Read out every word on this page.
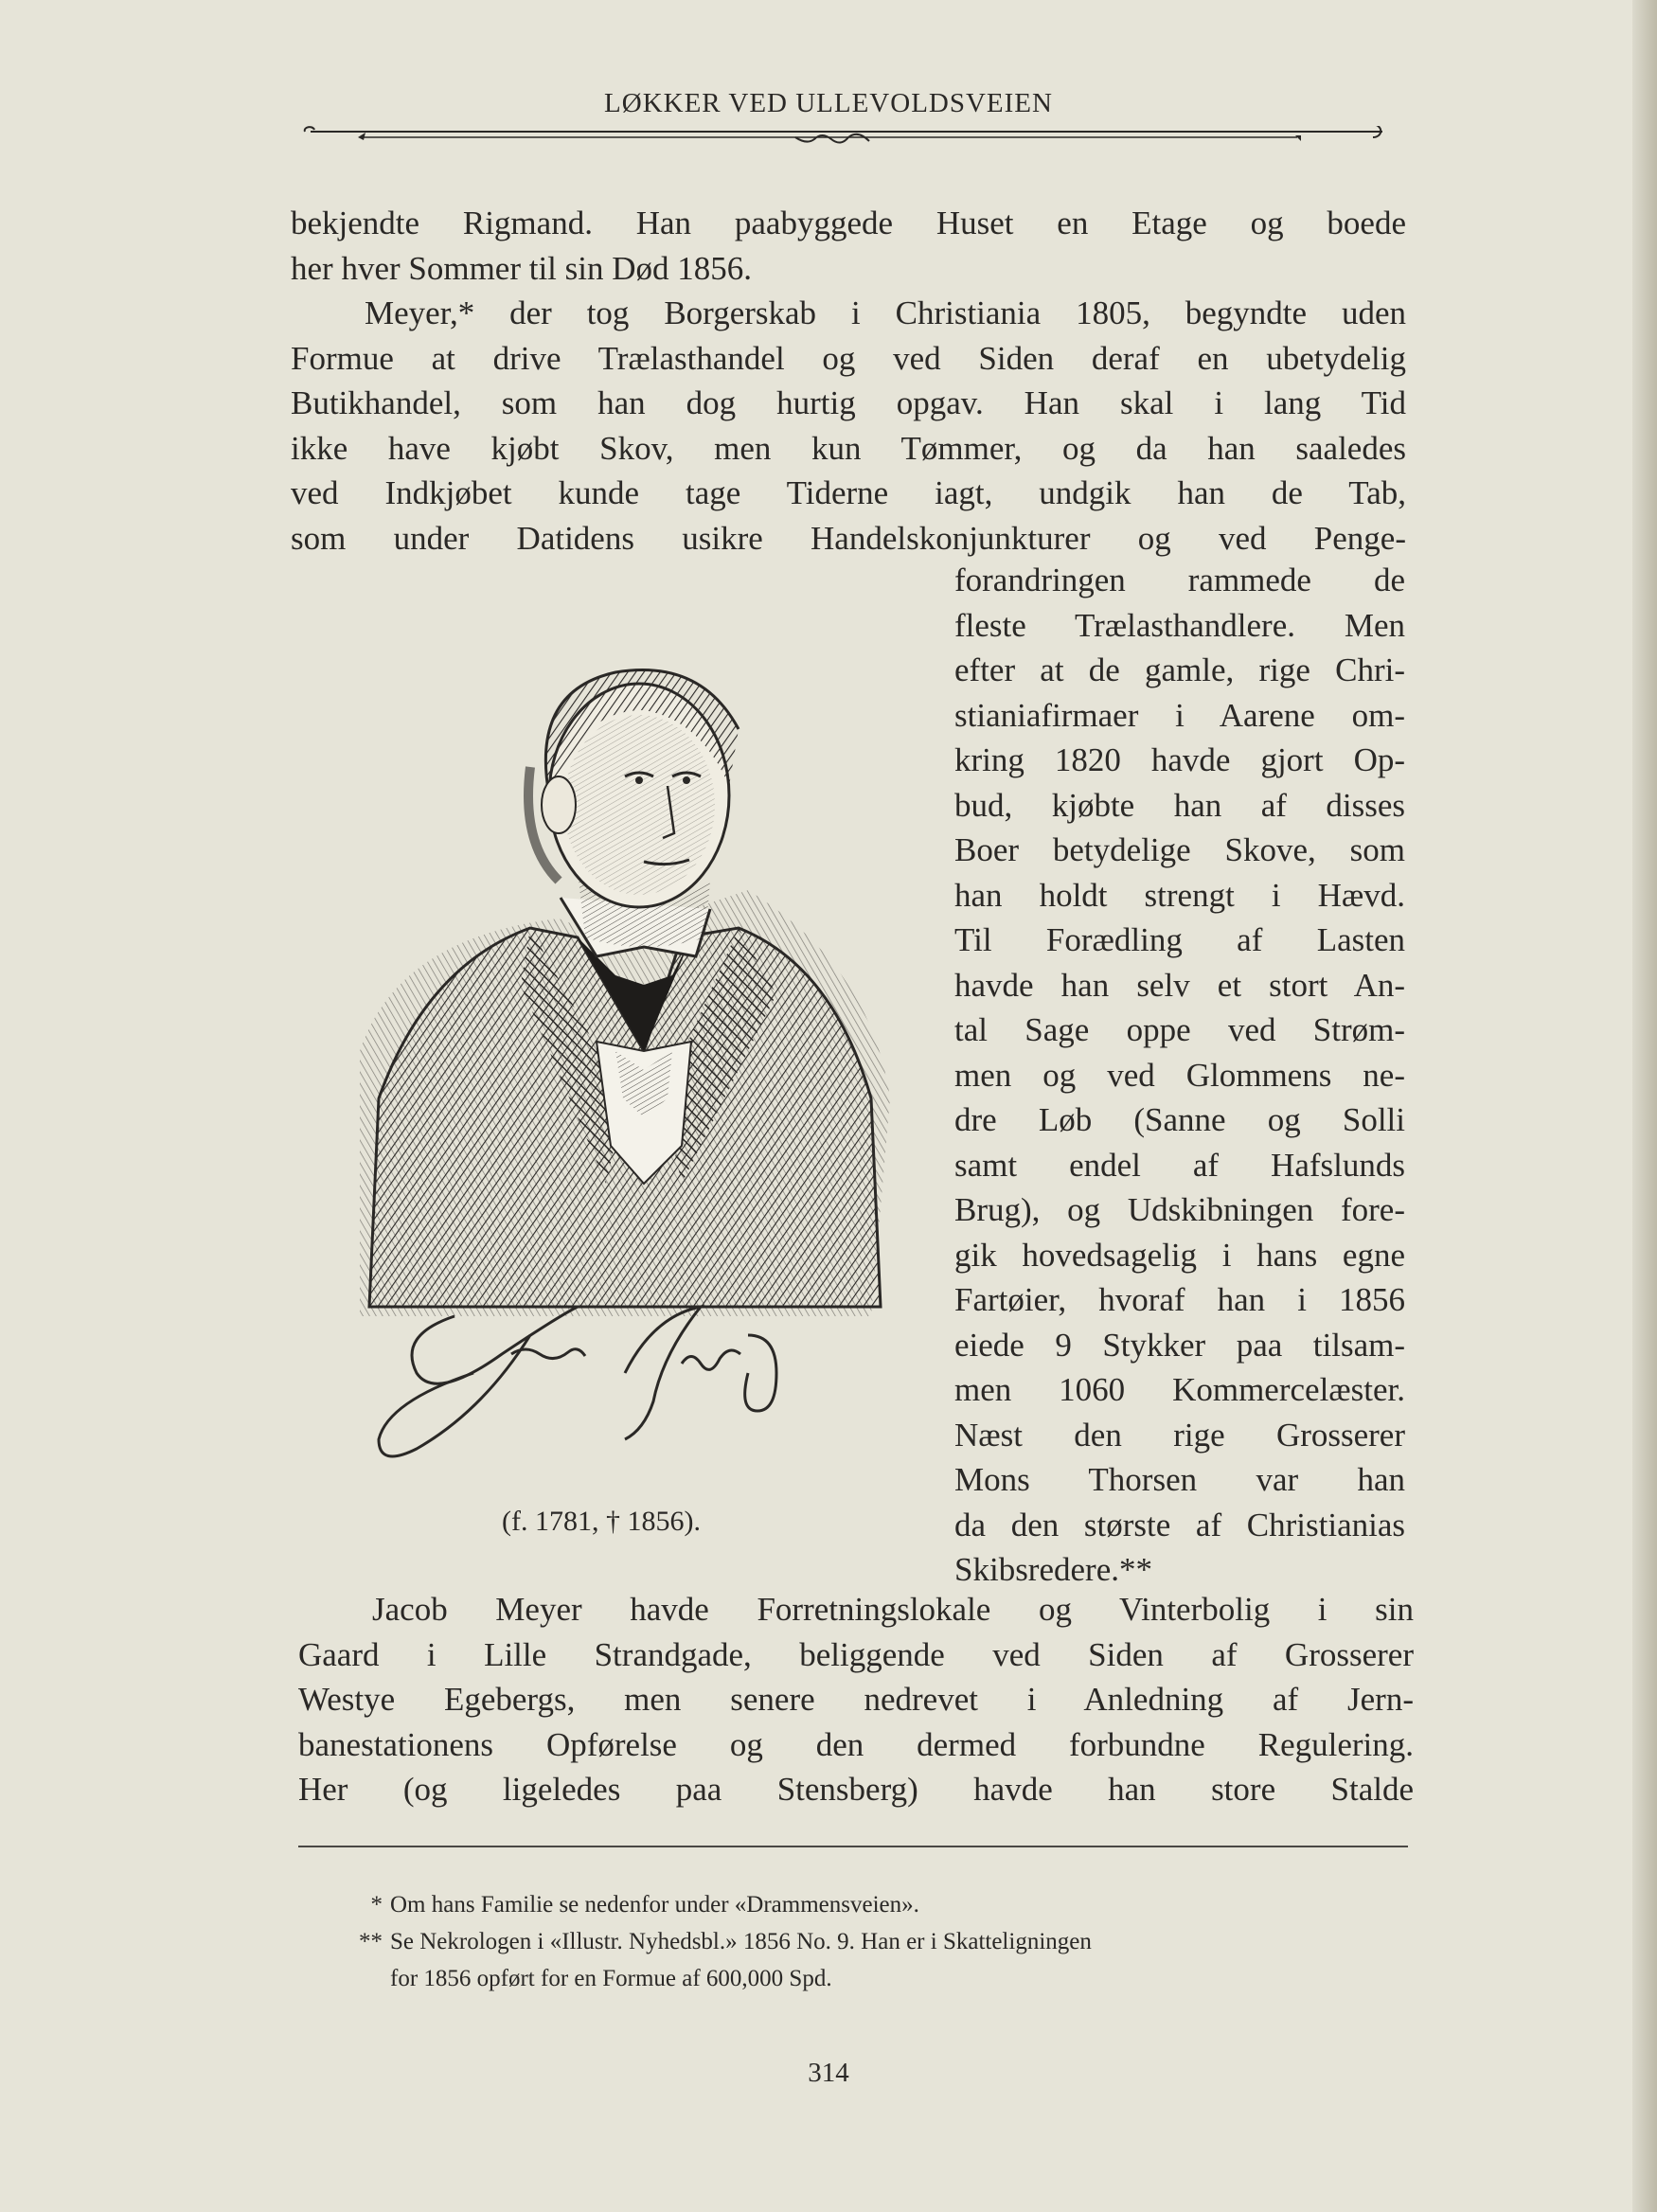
LØKKER VED ULLEVOLDSVEIEN
bekjendte Rigmand. Han paabyggede Huset en Etage og boede
her hver Sommer til sin Død 1856.
Meyer,* der tog Borgerskab i Christiania 1805, begyndte uden
Formue at drive Trælasthandel og ved Siden deraf en ubetydelig
Butikhandel, som han dog hurtig opgav. Han skal i lang Tid
ikke have kjøbt Skov, men kun Tømmer, og da han saaledes
ved Indkjøbet kunde tage Tiderne iagt, undgik han de Tab,
som under Datidens usikre Handelskonjunkturer og ved Penge-
forandringen rammede de
fleste Trælasthandlere. Men
efter at de gamle, rige Chri-
stianiafirmaer i Aarene om-
kring 1820 havde gjort Op-
bud, kjøbte han af disses
Boer betydelige Skove, som
han holdt strengt i Hævd.
Til Forædling af Lasten
havde han selv et stort An-
tal Sage oppe ved Strøm-
men og ved Glommens ne-
dre Løb (Sanne og Solli
samt endel af Hafslunds
Brug), og Udskibningen fore-
gik hovedsagelig i hans egne
Fartøier, hvoraf han i 1856
eiede 9 Stykker paa tilsam-
men 1060 Kommercelæster.
Næst den rige Grosserer
Mons Thorsen var han
da den største af Christianias
Skibsredere.**
(f. 1781, † 1856).
Jacob Meyer havde Forretningslokale og Vinterbolig i sin
Gaard i Lille Strandgade, beliggende ved Siden af Grosserer
Westye Egebergs, men senere nedrevet i Anledning af Jern-
banestationens Opførelse og den dermed forbundne Regulering.
Her (og ligeledes paa Stensberg) havde han store Stalde
* Om hans Familie se nedenfor under «Drammensveien».
** Se Nekrologen i «Illustr. Nyhedsbl.» 1856 No. 9. Han er i Skatteligningen
for 1856 opført for en Formue af 600,000 Spd.
314
